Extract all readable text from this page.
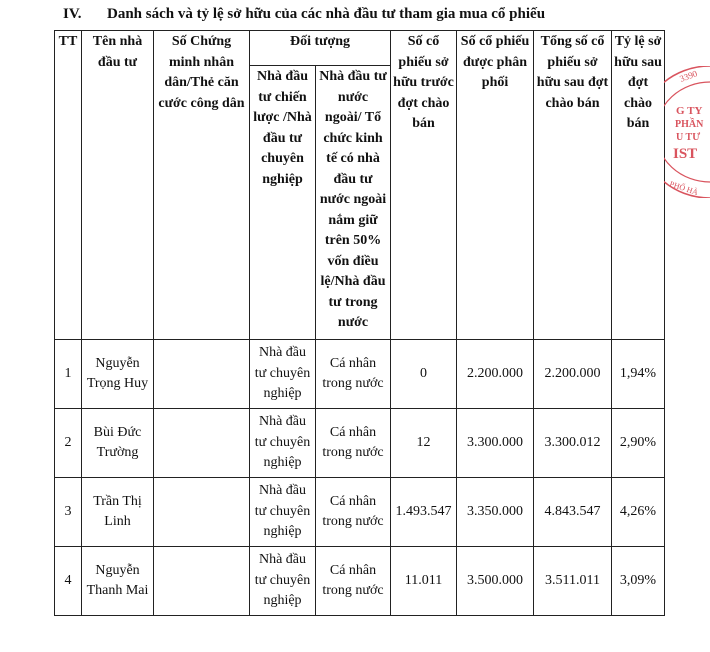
IV. Danh sách và tỷ lệ sở hữu của các nhà đầu tư tham gia mua cổ phiếu
TT	Tên nhà đầu tư	Số Chứng minh nhân dân/Thẻ căn cước công dân	Đối tượng		Số cổ phiếu sở hữu trước đợt chào bán	Số cổ phiếu được phân phối	Tổng số cổ phiếu sở hữu sau đợt chào bán	Tỷ lệ sở hữu sau đợt chào bán
			Nhà đầu tư chiến lược /Nhà đầu tư chuyên nghiệp	Nhà đầu tư nước ngoài/ Tổ chức kinh tế có nhà đầu tư nước ngoài nắm giữ trên 50% vốn điều lệ/Nhà đầu tư trong nước				
1	Nguyễn Trọng Huy		Nhà đầu tư chuyên nghiệp	Cá nhân trong nước	0	2.200.000	2.200.000	1,94%
2	Bùi Đức Trường		Nhà đầu tư chuyên nghiệp	Cá nhân trong nước	12	3.300.000	3.300.012	2,90%
3	Trần Thị Linh		Nhà đầu tư chuyên nghiệp	Cá nhân trong nước	1.493.547	3.350.000	4.843.547	4,26%
4	Nguyễn Thanh Mai		Nhà đầu tư chuyên nghiệp	Cá nhân trong nước	11.011	3.500.000	3.511.011	3,09%
3390
G TY
PHẦN
U TƯ
IST
PHỐ HÀ
